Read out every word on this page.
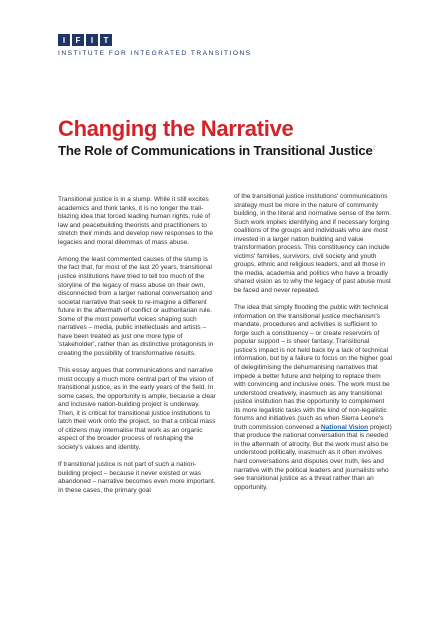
I	F	I	T
INSTITUTE FOR INTEGRATED TRANSITIONS
Changing the Narrative
The Role of Communications in Transitional Justice$^1$

Transitional justice is in a slump. While it still excites academics and think tanks, it is no longer the trail-blazing idea that forced leading human rights, rule of law and peacebuilding theorists and practitioners to stretch their minds and develop new responses to the legacies and moral dilemmas of mass abuse.

Among the least commented causes of the slump is the fact that, for most of the last 20 years, transitional justice institutions have tried to tell too much of the storyline of the legacy of mass abuse on their own, disconnected from a larger national conversation and societal narrative that seek to re-imagine a different future in the aftermath of conflict or authoritarian rule. Some of the most powerful voices shaping such narratives – media, public intellectuals and artists – have been treated as just one more type of 'stakeholder', rather than as distinctive protagonists in creating the possibility of transformative results.

This essay argues that communications and narrative must occupy a much more central part of the vision of transitional justice, as in the early years of the field. In some cases, the opportunity is ample, because a clear and inclusive nation-building project is underway. Then, it is critical for transitional justice institutions to latch their work onto the project, so that a critical mass of citizens may internalise that work as an organic aspect of the broader process of reshaping the society's values and identity.

If transitional justice is not part of such a nation-building project – because it never existed or was abandoned – narrative becomes even more important. In these cases, the primary goal

of the transitional justice institutions' communications strategy must be more in the nature of community building, in the literal and normative sense of the term. Such work implies identifying and if necessary forging coalitions of the groups and individuals who are most invested in a larger nation building and value transformation process. This constituency can include victims' families, survivors, civil society and youth groups, ethnic and religious leaders, and all those in the media, academia and politics who have a broadly shared vision as to why the legacy of past abuse must be faced and never repeated.

The idea that simply flooding the public with technical information on the transitional justice mechanism's mandate, procedures and activities is sufficient to forge such a constituency – or create reservoirs of popular support – is sheer fantasy. Transitional justice's impact is not held back by a lack of technical information, but by a failure to focus on the higher goal of delegitimising the dehumanising narratives that impede a better future and helping to replace them with convincing and inclusive ones. The work must be understood creatively, inasmuch as any transitional justice institution has the opportunity to complement its more legalistic tasks with the kind of non-legalistic forums and initiatives (such as when Sierra Leone's truth commission convened a National Vision project) that produce the national conversation that is needed in the aftermath of atrocity. But the work must also be understood politically, inasmuch as it often involves hard conversations and disputes over truth, lies and narrative with the political leaders and journalists who see transitional justice as a threat rather than an opportunity.
